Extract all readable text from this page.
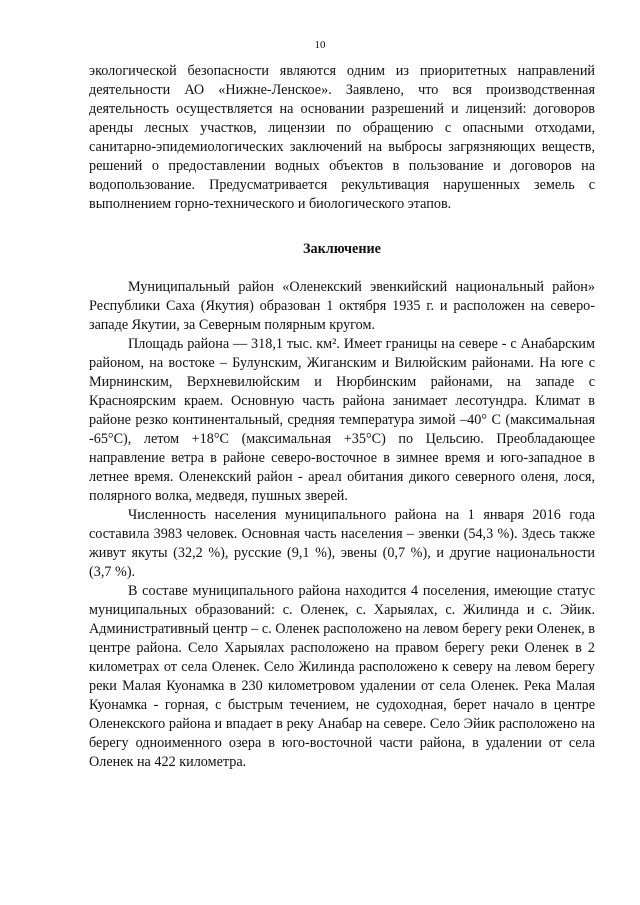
10

экологической безопасности являются одним из приоритетных направлений деятельности АО «Нижне-Ленское». Заявлено, что вся производственная деятельность осуществляется на основании разрешений и лицензий: договоров аренды лесных участков, лицензии по обращению с опасными отходами, санитарно-эпидемиологических заключений на выбросы загрязняющих веществ, решений о предоставлении водных объектов в пользование и договоров на водопользование. Предусматривается рекультивация нарушенных земель с выполнением горно-технического и биологического этапов.

Заключение

Муниципальный район «Оленекский эвенкийский национальный район» Республики Саха (Якутия) образован 1 октября 1935 г. и расположен на северо-западе Якутии, за Северным полярным кругом.

Площадь района — 318,1 тыс. км². Имеет границы на севере - с Анабарским районом, на востоке – Булунским, Жиганским и Вилюйским районами. На юге с Мирнинским, Верхневилюйским и Нюрбинским районами, на западе с Красноярским краем. Основную часть района занимает лесотундра. Климат в районе резко континентальный, средняя температура зимой –40° С (максимальная -65°С), летом +18°С (максимальная +35°С) по Цельсию. Преобладающее направление ветра в районе северо-восточное в зимнее время и юго-западное в летнее время. Оленекский район - ареал обитания дикого северного оленя, лося, полярного волка, медведя, пушных зверей.

Численность населения муниципального района на 1 января 2016 года составила 3983 человек. Основная часть населения – эвенки (54,3 %). Здесь также живут якуты (32,2 %), русские (9,1 %), эвены (0,7 %), и другие национальности (3,7 %).

В составе муниципального района находится 4 поселения, имеющие статус муниципальных образований: с. Оленек, с. Харыялах, с. Жилинда и с. Эйик. Административный центр – с. Оленек расположено на левом берегу реки Оленек, в центре района. Село Харыялах расположено на правом берегу реки Оленек в 2 километрах от села Оленек. Село Жилинда расположено к северу на левом берегу реки Малая Куонамка в 230 километровом удалении от села Оленек. Река Малая Куонамка - горная, с быстрым течением, не судоходная, берет начало в центре Оленекского района и впадает в реку Анабар на севере. Село Эйик расположено на берегу одноименного озера в юго-восточной части района, в удалении от села Оленек на 422 километра.
